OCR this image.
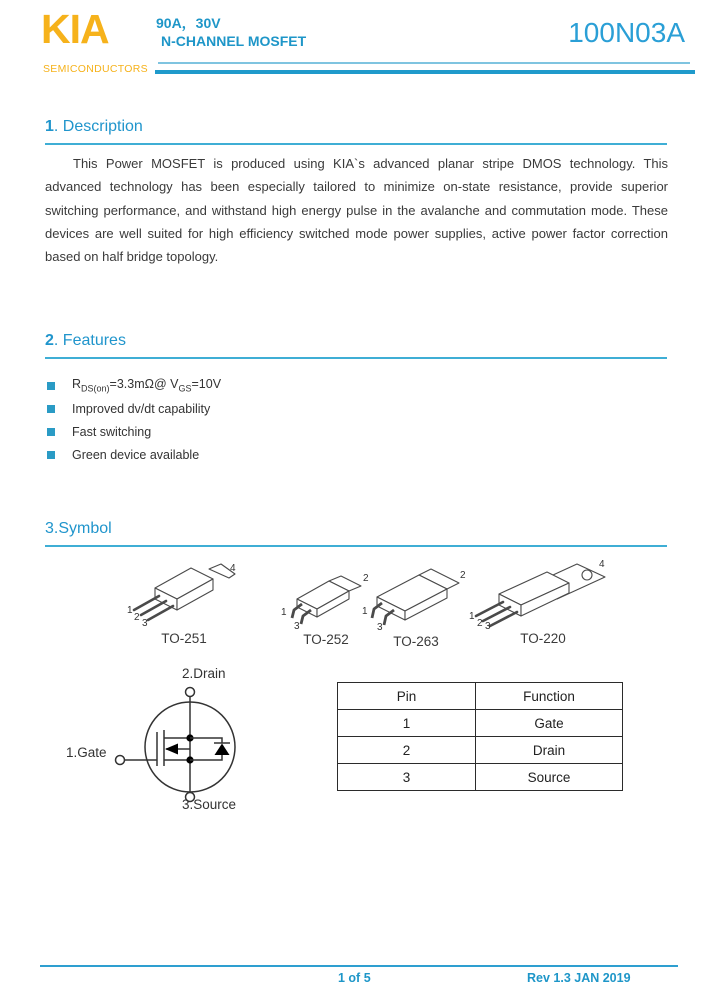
KIA
SEMICONDUCTORS
90A，30V
N-CHANNEL MOSFET	100N03A
1. Description

This Power MOSFET is produced using KIA`s advanced planar stripe DMOS technology. This advanced technology has been especially tailored to minimize on-state resistance, provide superior switching performance, and withstand high energy pulse in the avalanche and commutation mode. These devices are well suited for high efficiency switched mode power supplies, active power factor correction based on half bridge topology.

2. Features
$R_{DS(on)}=3.3m\Omega@$ $V_{GS}=10V$
Improved dv/dt capability
Fast switching
Green device available
3.Symbol
1
2
3
4
TO-251
1
3
2
TO-252
1
3
2
TO-263
1
2 3
4
TO-220
2.Drain
1.Gate
3.Source
Pin	Function
1	Gate
2	Drain
3	Source
1 of 5	Rev 1.3 JAN 2019
